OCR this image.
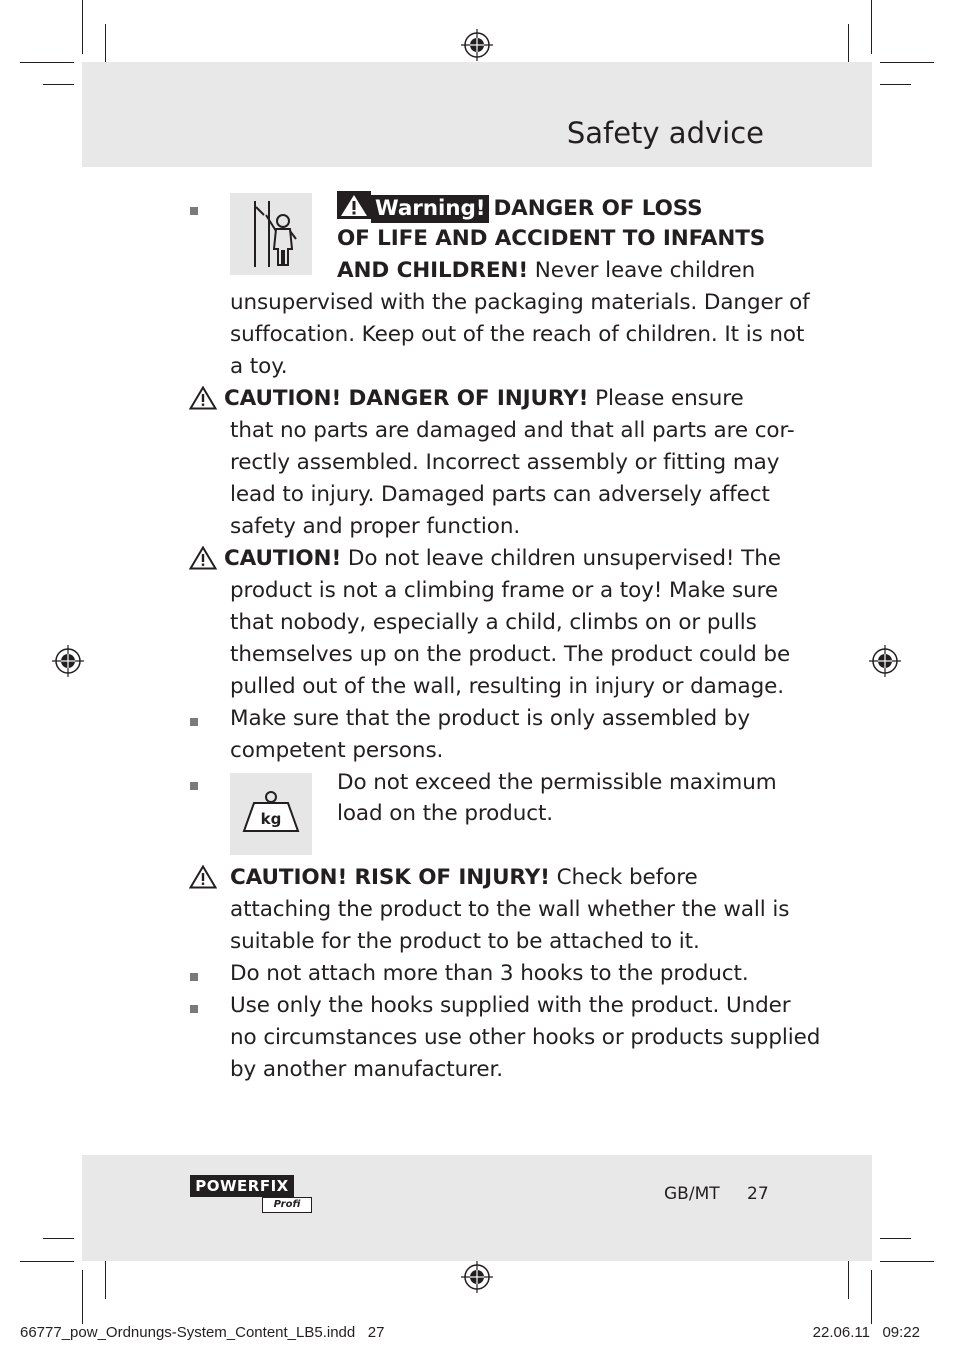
Safety advice
Warning! DANGER OF LOSS
OF LIFE AND ACCIDENT TO INFANTS
AND CHILDREN! Never leave children
unsupervised with the packaging materials. Danger of
suffocation. Keep out of the reach of children. It is not
a toy.
CAUTION! DANGER OF INJURY! Please ensure
that no parts are damaged and that all parts are cor-
rectly assembled. Incorrect assembly or fitting may
lead to injury. Damaged parts can adversely affect
safety and proper function.
CAUTION! Do not leave children unsupervised! The
product is not a climbing frame or a toy! Make sure
that nobody, especially a child, climbs on or pulls
themselves up on the product. The product could be
pulled out of the wall, resulting in injury or damage.
Make sure that the product is only assembled by
competent persons.
kg
Do not exceed the permissible maximum
load on the product.
CAUTION! RISK OF INJURY! Check before
attaching the product to the wall whether the wall is
suitable for the product to be attached to it.
Do not attach more than 3 hooks to the product.
Use only the hooks supplied with the product. Under
no circumstances use other hooks or products supplied
by another manufacturer.
POWERFIX
Profi
GB/MT 27
66777_pow_Ordnungs-System_Content_LB5.indd   27	22.06.11   09:22
